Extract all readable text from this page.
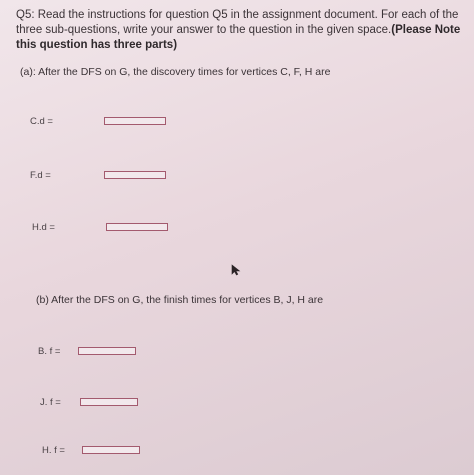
Q5: Read the instructions for question Q5 in the assignment document. For each of the three sub-questions, write your answer to the question in the given space.(Please Note this question has three parts)
(a): After the DFS on G, the discovery times for vertices C, F, H are
C.d =
F.d =
H.d =
(b) After the DFS on G, the finish times for vertices B, J, H are
B. f =
J. f =
H. f =
